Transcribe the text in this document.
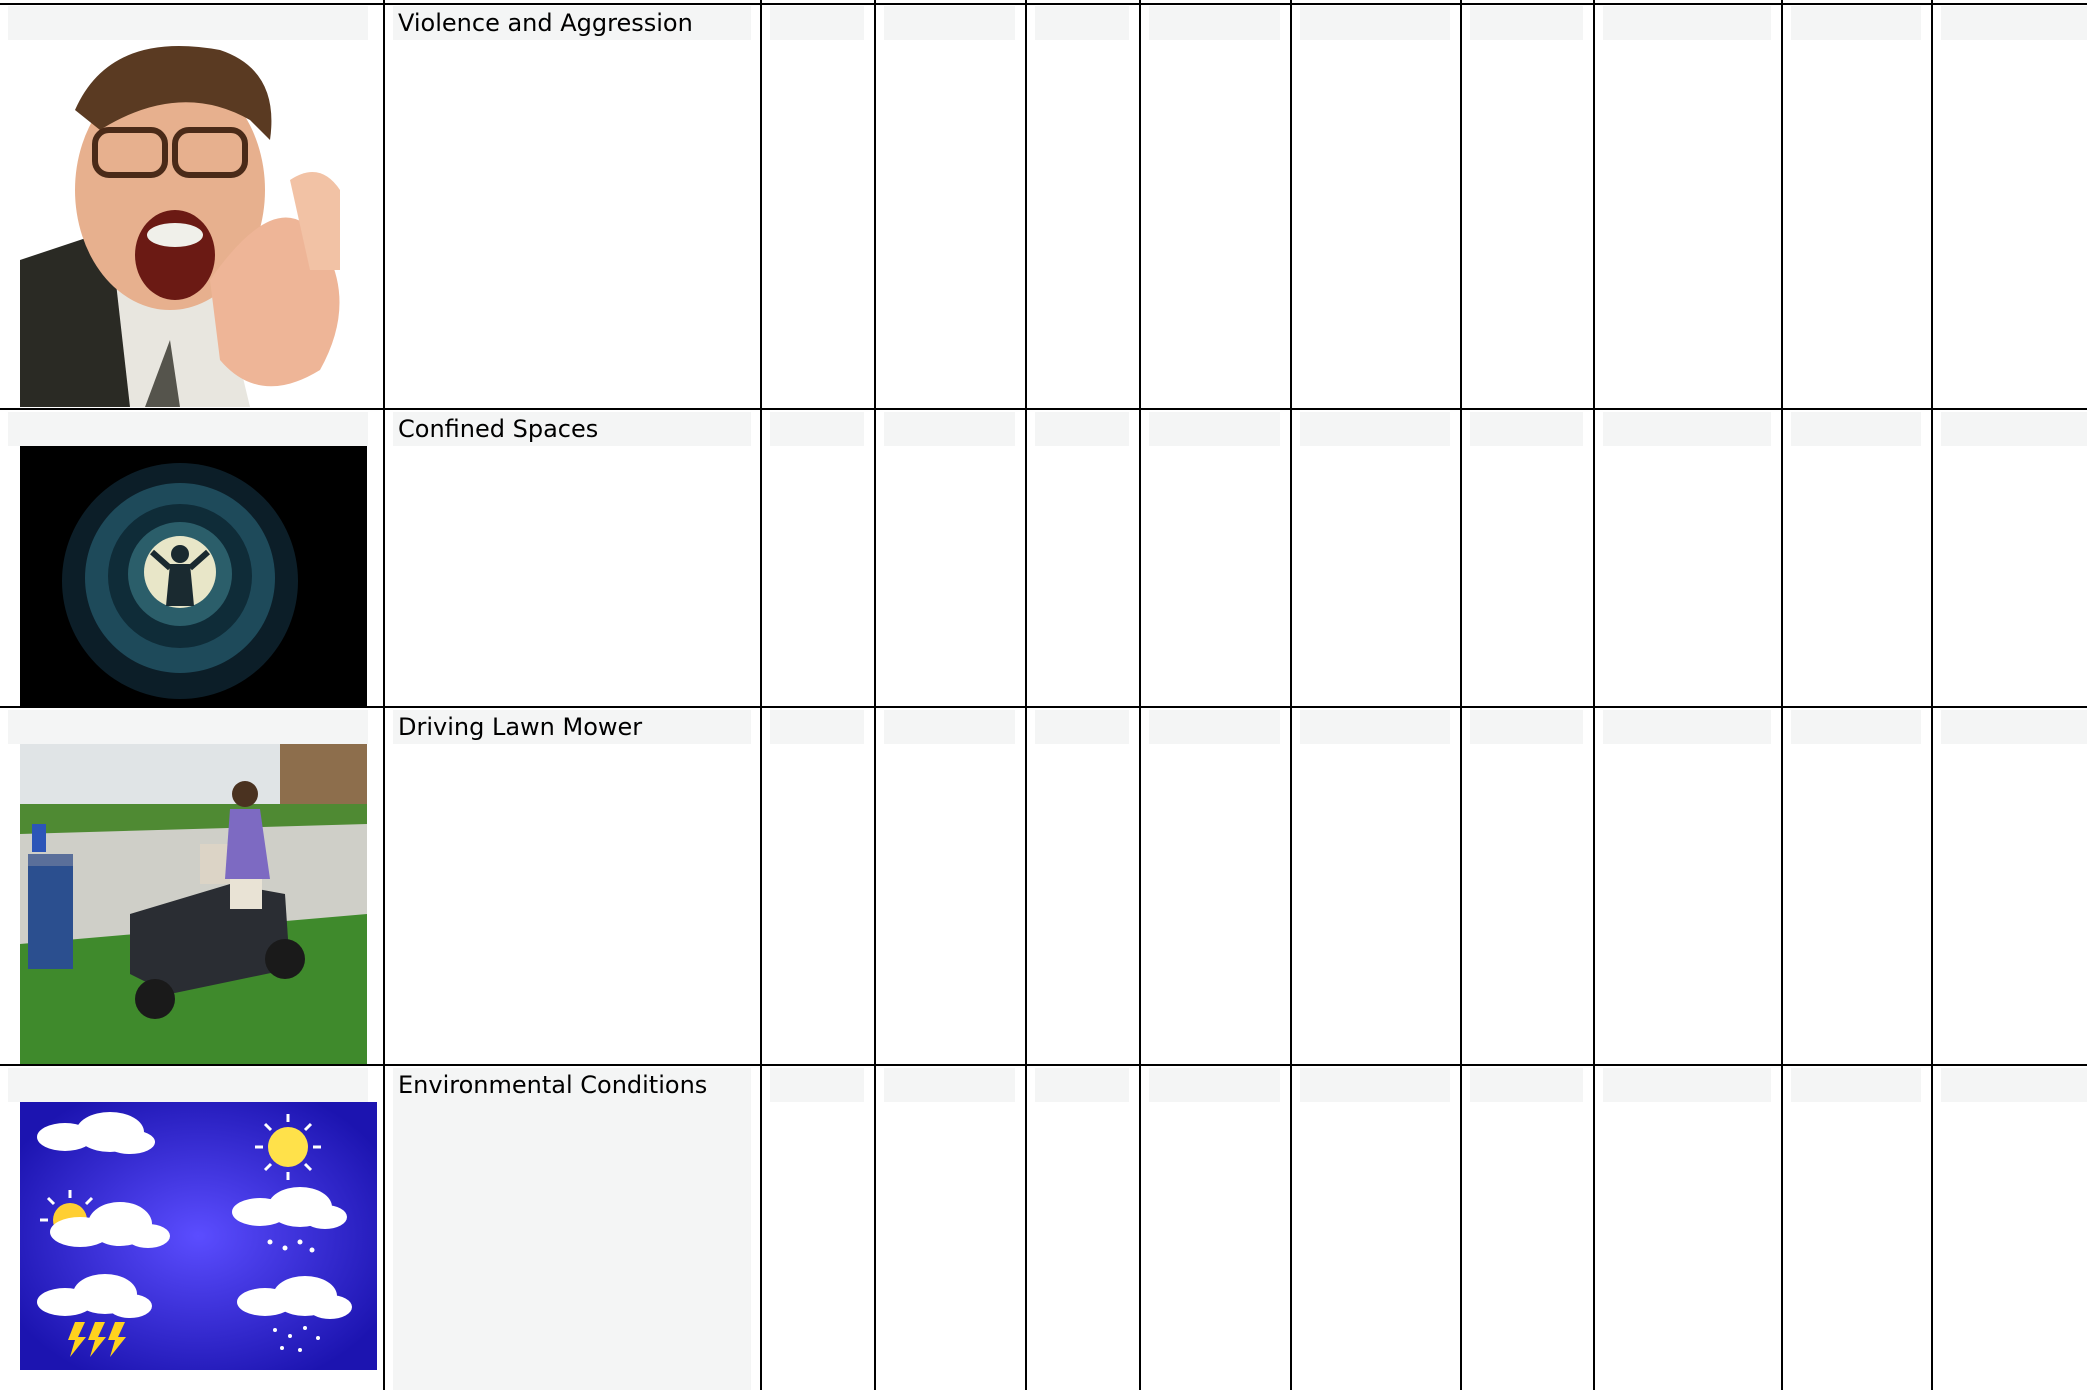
Violence and Aggression
Confined Spaces
Driving Lawn Mower
Environmental Conditions
